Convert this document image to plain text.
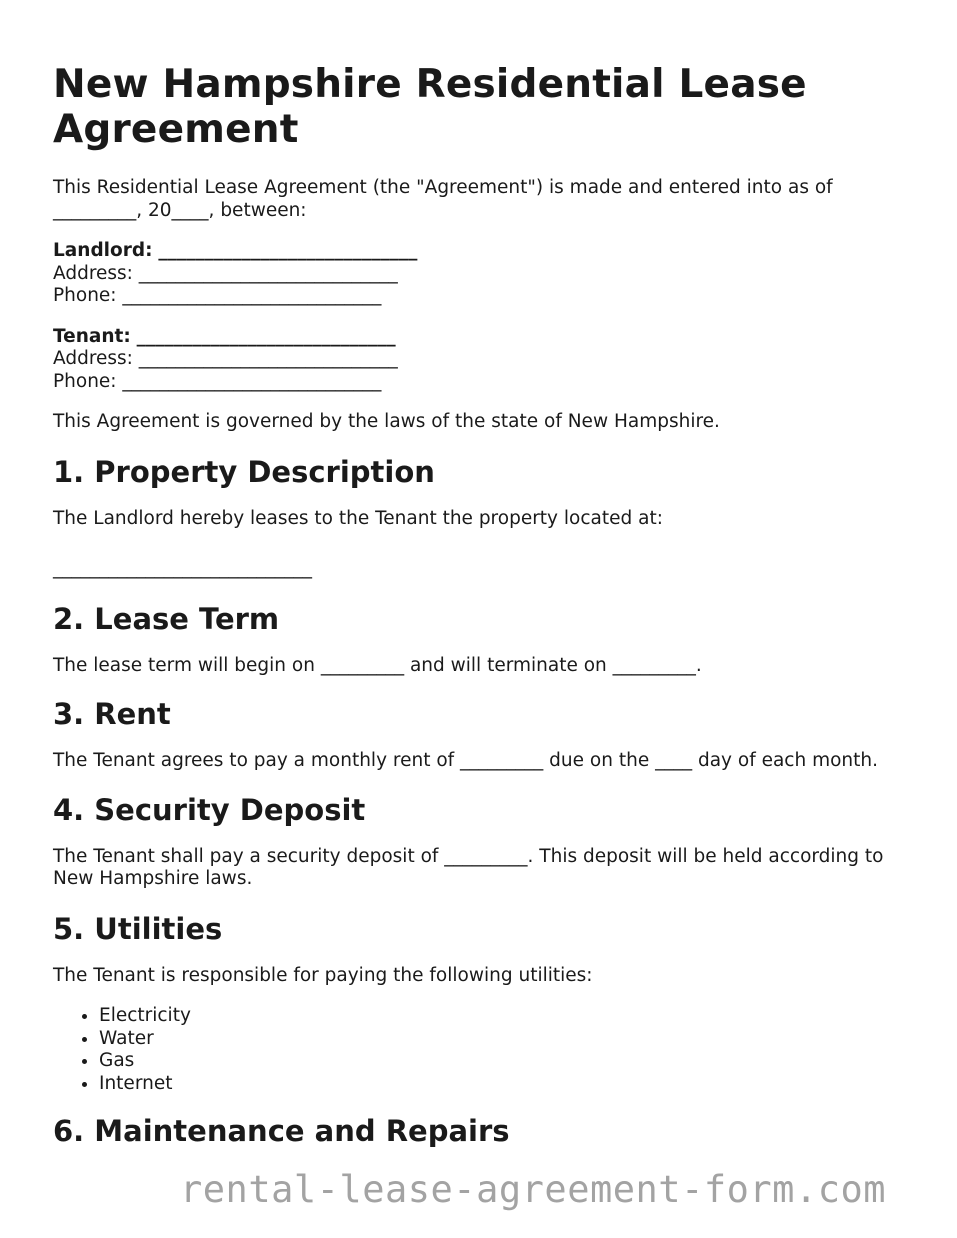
New Hampshire Residential Lease Agreement

This Residential Lease Agreement (the "Agreement") is made and entered into as of

_________, 20____, between:

Landlord: ____________________________

Address: ____________________________

Phone: ____________________________

Tenant: ____________________________

Address: ____________________________

Phone: ____________________________

This Agreement is governed by the laws of the state of New Hampshire.

1. Property Description

The Landlord hereby leases to the Tenant the property located at:

____________________________

2. Lease Term

The lease term will begin on _________ and will terminate on _________.

3. Rent

The Tenant agrees to pay a monthly rent of _________ due on the ____ day of each month.

4. Security Deposit

The Tenant shall pay a security deposit of _________. This deposit will be held according to

New Hampshire laws.

5. Utilities

The Tenant is responsible for paying the following utilities:

• Electricity
• Water
• Gas
• Internet
6. Maintenance and Repairs
rental-lease-agreement-form.com
